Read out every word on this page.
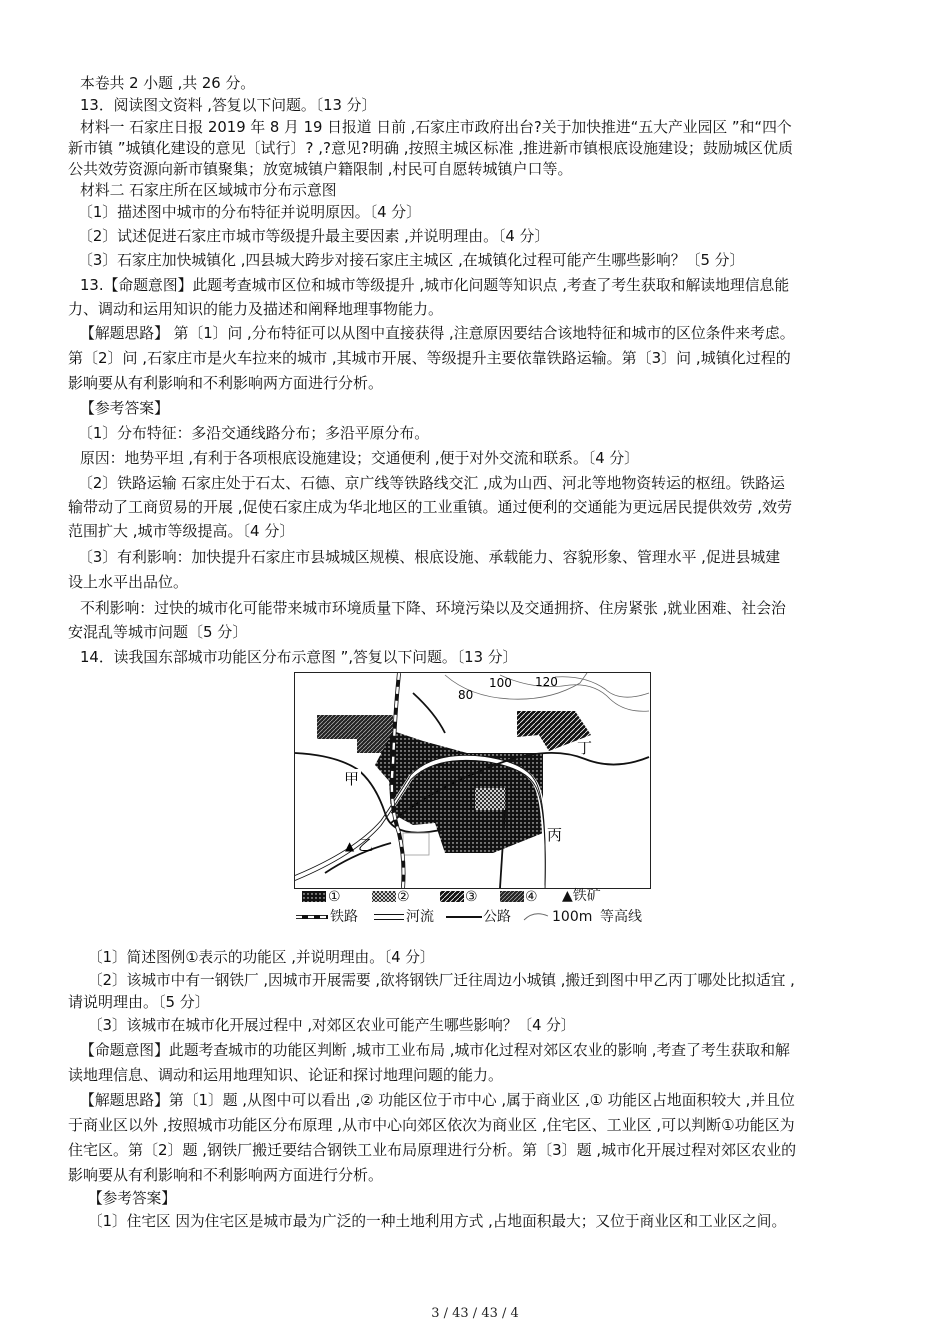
本卷共 2 小题 ,共 26 分。
13．阅读图文资料 ,答复以下问题。〔13 分〕
材料一 石家庄日报 2019 年 8 月 19 日报道 日前 ,石家庄市政府出台?关于加快推进“五大产业园区 ”和“四个
新市镇 ”城镇化建设的意见〔试行〕? ,?意见?明确 ,按照主城区标准 ,推进新市镇根底设施建设；鼓励城区优质
公共效劳资源向新市镇聚集；放宽城镇户籍限制 ,村民可自愿转城镇户口等。
材料二 石家庄所在区域城市分布示意图
〔1〕描述图中城市的分布特征并说明原因。〔4 分〕
〔2〕试述促进石家庄市城市等级提升最主要因素 ,并说明理由。〔4 分〕
〔3〕石家庄加快城镇化 ,四县城大跨步对接石家庄主城区 ,在城镇化过程可能产生哪些影响？〔5 分〕
13.【命题意图】此题考查城市区位和城市等级提升 ,城市化问题等知识点 ,考查了考生获取和解读地理信息能
力、调动和运用知识的能力及描述和阐释地理事物能力。
【解题思路】 第〔1〕问 ,分布特征可以从图中直接获得 ,注意原因要结合该地特征和城市的区位条件来考虑。
第〔2〕问 ,石家庄市是火车拉来的城市 ,其城市开展、等级提升主要依靠铁路运输。第〔3〕问 ,城镇化过程的
影响要从有利影响和不利影响两方面进行分析。
【参考答案】
〔1〕分布特征：多沿交通线路分布；多沿平原分布。
原因：地势平坦 ,有利于各项根底设施建设；交通便利 ,便于对外交流和联系。〔4 分〕
〔2〕铁路运输 石家庄处于石太、石德、京广线等铁路线交汇 ,成为山西、河北等地物资转运的枢纽。铁路运
输带动了工商贸易的开展 ,促使石家庄成为华北地区的工业重镇。通过便利的交通能为更远居民提供效劳 ,效劳
范围扩大 ,城市等级提高。〔4 分〕
〔3〕有利影响：加快提升石家庄市县城城区规模、根底设施、承载能力、容貌形象、管理水平 ,促进县城建
设上水平出品位。
不利影响：过快的城市化可能带来城市环境质量下降、环境污染以及交通拥挤、住房紧张 ,就业困难、社会治
安混乱等城市问题〔5 分〕
14．读我国东部城市功能区分布示意图 ”,答复以下问题。〔13 分〕
80
100 120
甲
▲ 乙
丙
丁
①	②	③	④ ▲铁矿
铁路	河流	公路	100m 等高线
〔1〕简述图例①表示的功能区 ,并说明理由。〔4 分〕
〔2〕该城市中有一钢铁厂 ,因城市开展需要 ,欲将钢铁厂迁往周边小城镇 ,搬迁到图中甲乙丙丁哪处比拟适宜 ,
请说明理由。〔5 分〕
〔3〕该城市在城市化开展过程中 ,对郊区农业可能产生哪些影响？〔4 分〕
【命题意图】此题考查城市的功能区判断 ,城市工业布局 ,城市化过程对郊区农业的影响 ,考查了考生获取和解
读地理信息、调动和运用地理知识、论证和探讨地理问题的能力。
【解题思路】第〔1〕题 ,从图中可以看出 ,② 功能区位于市中心 ,属于商业区 ,① 功能区占地面积较大 ,并且位
于商业区以外 ,按照城市功能区分布原理 ,从市中心向郊区依次为商业区 ,住宅区、工业区 ,可以判断①功能区为
住宅区。第〔2〕题 ,钢铁厂搬迁要结合钢铁工业布局原理进行分析。第〔3〕题 ,城市化开展过程对郊区农业的
影响要从有利影响和不利影响两方面进行分析。
【参考答案】
〔1〕住宅区 因为住宅区是城市最为广泛的一种土地利用方式 ,占地面积最大；又位于商业区和工业区之间。
3 / 43 / 43 / 4
